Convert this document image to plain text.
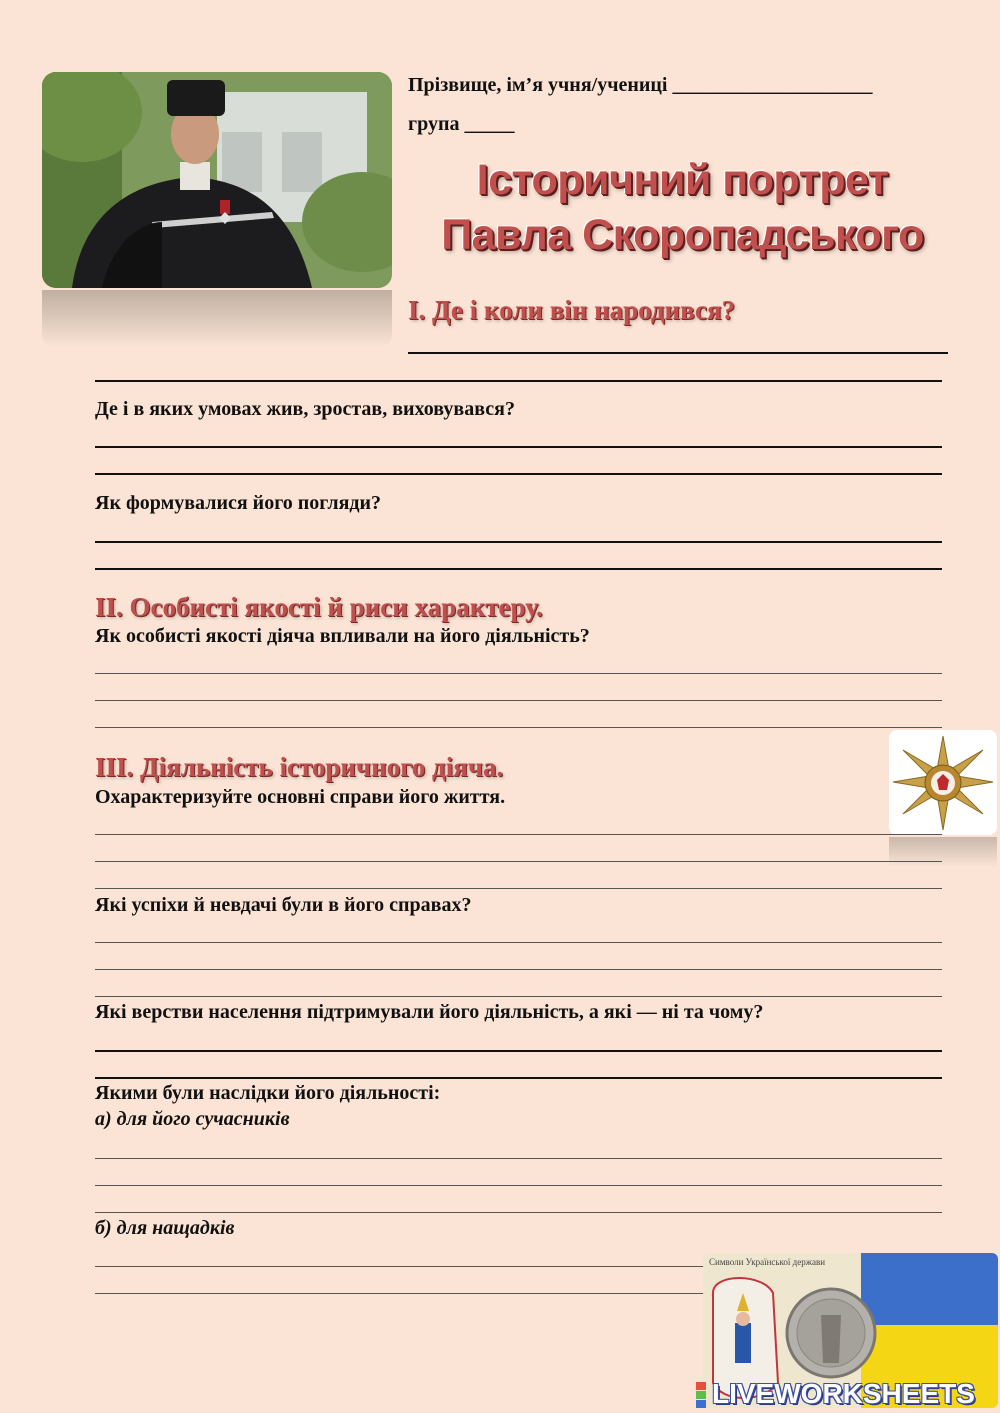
Прізвище, ім’я учня/учениці ____________________
група _____
Історичний портрет
Павла Скоропадського
I. Де і коли він народився?
Де і в яких умовах жив, зростав, виховувався?
Як формувалися його погляди?
II. Особисті якості й риси характеру.
Як особисті якості діяча впливали на його діяльність?
III. Діяльність історичного діяча.
Охарактеризуйте основні справи його життя.
Які успіхи й невдачі були в його справах?
Які верстви населення підтримували його діяльність, а які — ні та чому?
Якими були наслідки його діяльності:
а) для його сучасників
б) для нащадків
Символи Української держави
LIVEWORKSHEETS
